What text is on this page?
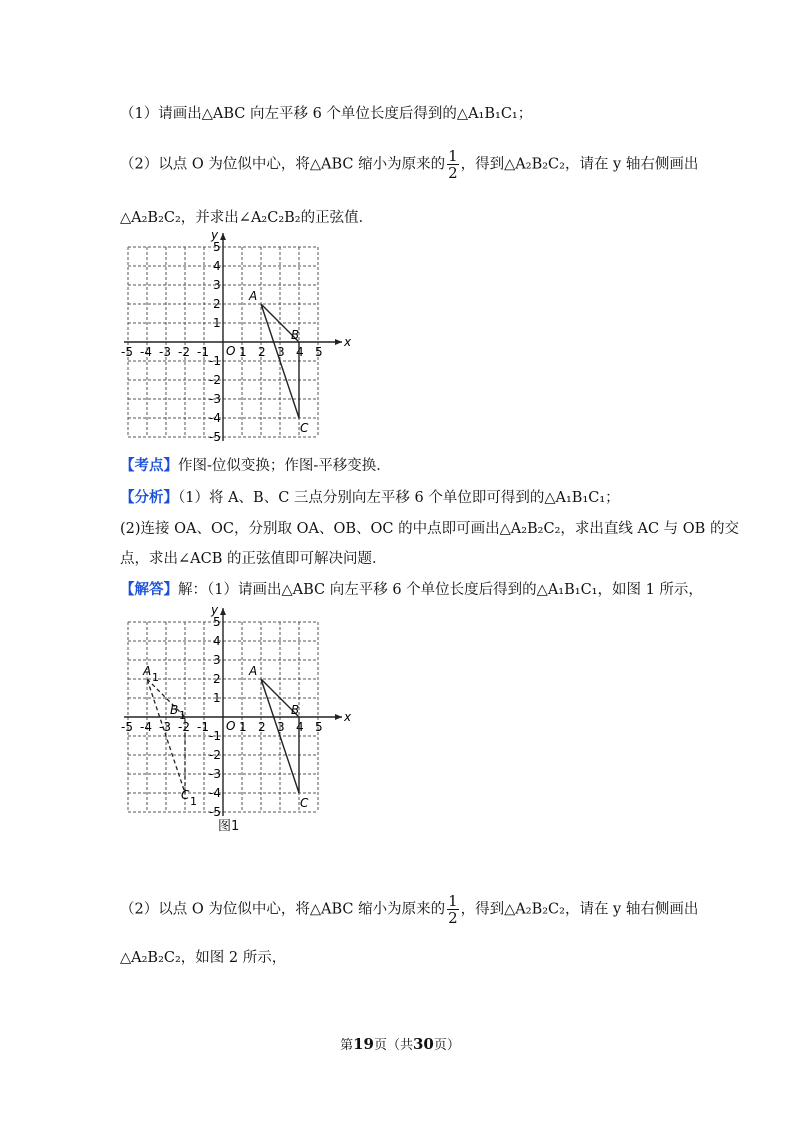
（1）请画出△ABC 向左平移 6 个单位长度后得到的△A₁B₁C₁；
（2）以点 O 为位似中心，将△ABC 缩小为原来的 $\frac{1}{2}$ ，得到△A₂B₂C₂，请在 y 轴右侧画出
△A₂B₂C₂，并求出∠A₂C₂B₂的正弦值．
x
y
O
-5 -4 -3 -2 -1	1 2 3 4 5
5
4
3
2
1
-1
-2
-3
-4
-5
A
B
C
【考点】作图-位似变换；作图-平移变换．
【分析】（1）将 A、B、C 三点分别向左平移 6 个单位即可得到的△A₁B₁C₁；
(2)连接 OA、OC，分别取 OA、OB、OC 的中点即可画出△A₂B₂C₂，求出直线 AC 与 OB 的交
点，求出∠ACB 的正弦值即可解决问题．
【解答】解：（1）请画出△ABC 向左平移 6 个单位长度后得到的△A₁B₁C₁，如图 1 所示，
x
y
O
-5 -4 -3 -2 -1	1 2 3 4 5
5
4
3
2
1
-1
-2
-3
-4
-5
A
B
C
A 1
B 1
C 1
图1
（2）以点 O 为位似中心，将△ABC 缩小为原来的 $\frac{1}{2}$ ，得到△A₂B₂C₂，请在 y 轴右侧画出
△A₂B₂C₂，如图 2 所示，
第19页（共30页）
